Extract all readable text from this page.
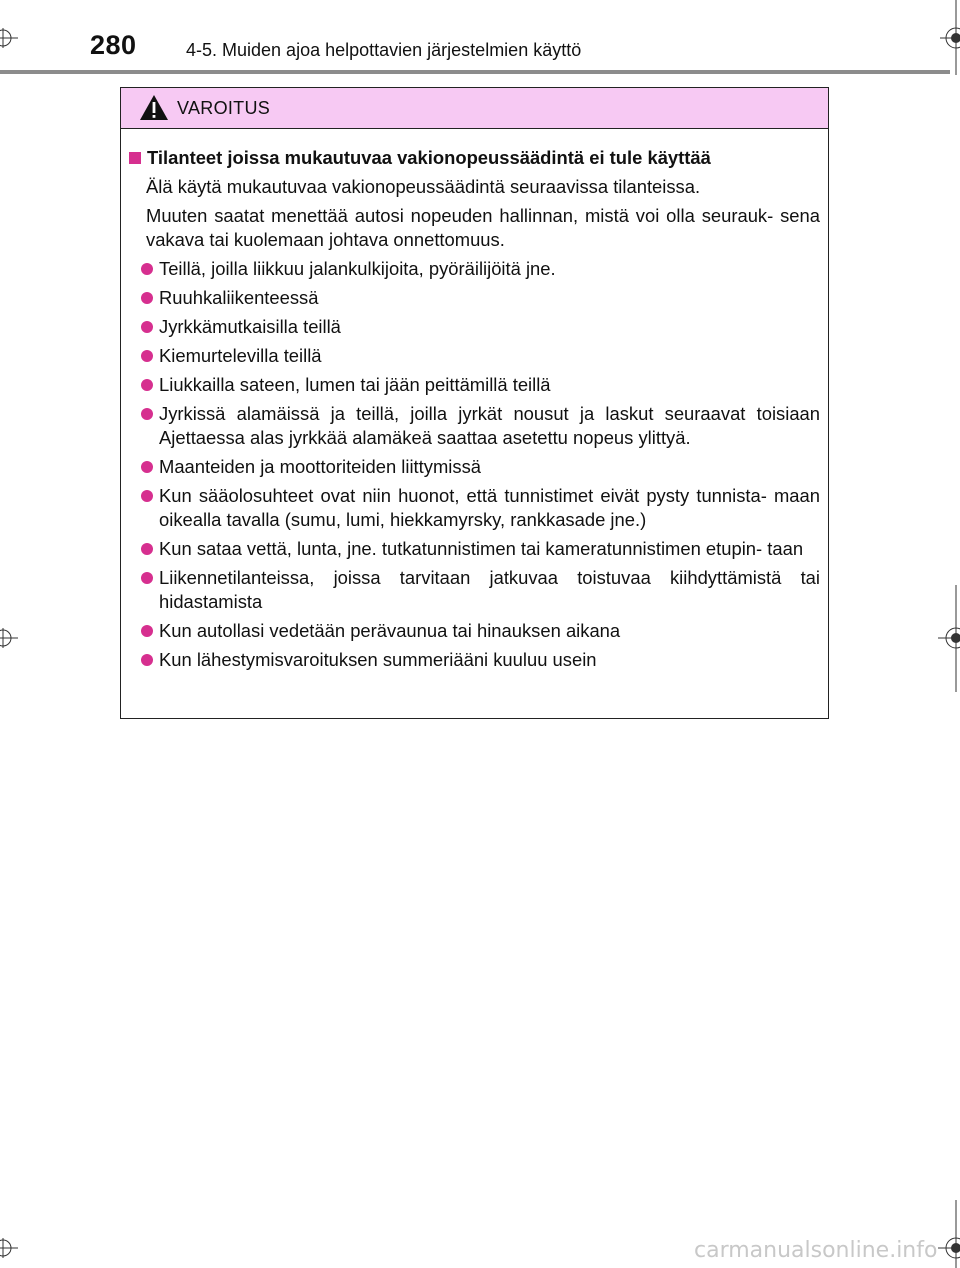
280	4-5. Muiden ajoa helpottavien järjestelmien käyttö
VAROITUS
Tilanteet joissa mukautuvaa vakionopeussäädintä ei tule käyttää

Älä käytä mukautuvaa vakionopeussäädintä seuraavissa tilanteissa.

Muuten saatat menettää autosi nopeuden hallinnan, mistä voi olla seurauk- sena vakava tai kuolemaan johtava onnettomuus.

Teillä, joilla liikkuu jalankulkijoita, pyöräilijöitä jne.
Ruuhkaliikenteessä
Jyrkkämutkaisilla teillä
Kiemurtelevilla teillä
Liukkailla sateen, lumen tai jään peittämillä teillä
Jyrkissä alamäissä ja teillä, joilla jyrkät nousut ja laskut seuraavat toisiaan Ajettaessa alas jyrkkää alamäkeä saattaa asetettu nopeus ylittyä.
Maanteiden ja moottoriteiden liittymissä
Kun sääolosuhteet ovat niin huonot, että tunnistimet eivät pysty tunnista- maan oikealla tavalla (sumu, lumi, hiekkamyrsky, rankkasade jne.)
Kun sataa vettä, lunta, jne. tutkatunnistimen tai kameratunnistimen etupin- taan
Liikennetilanteissa, joissa tarvitaan jatkuvaa toistuvaa kiihdyttämistä tai hidastamista
Kun autollasi vedetään perävaunua tai hinauksen aikana
Kun lähestymisvaroituksen summeriääni kuuluu usein
carmanualsonline.info
